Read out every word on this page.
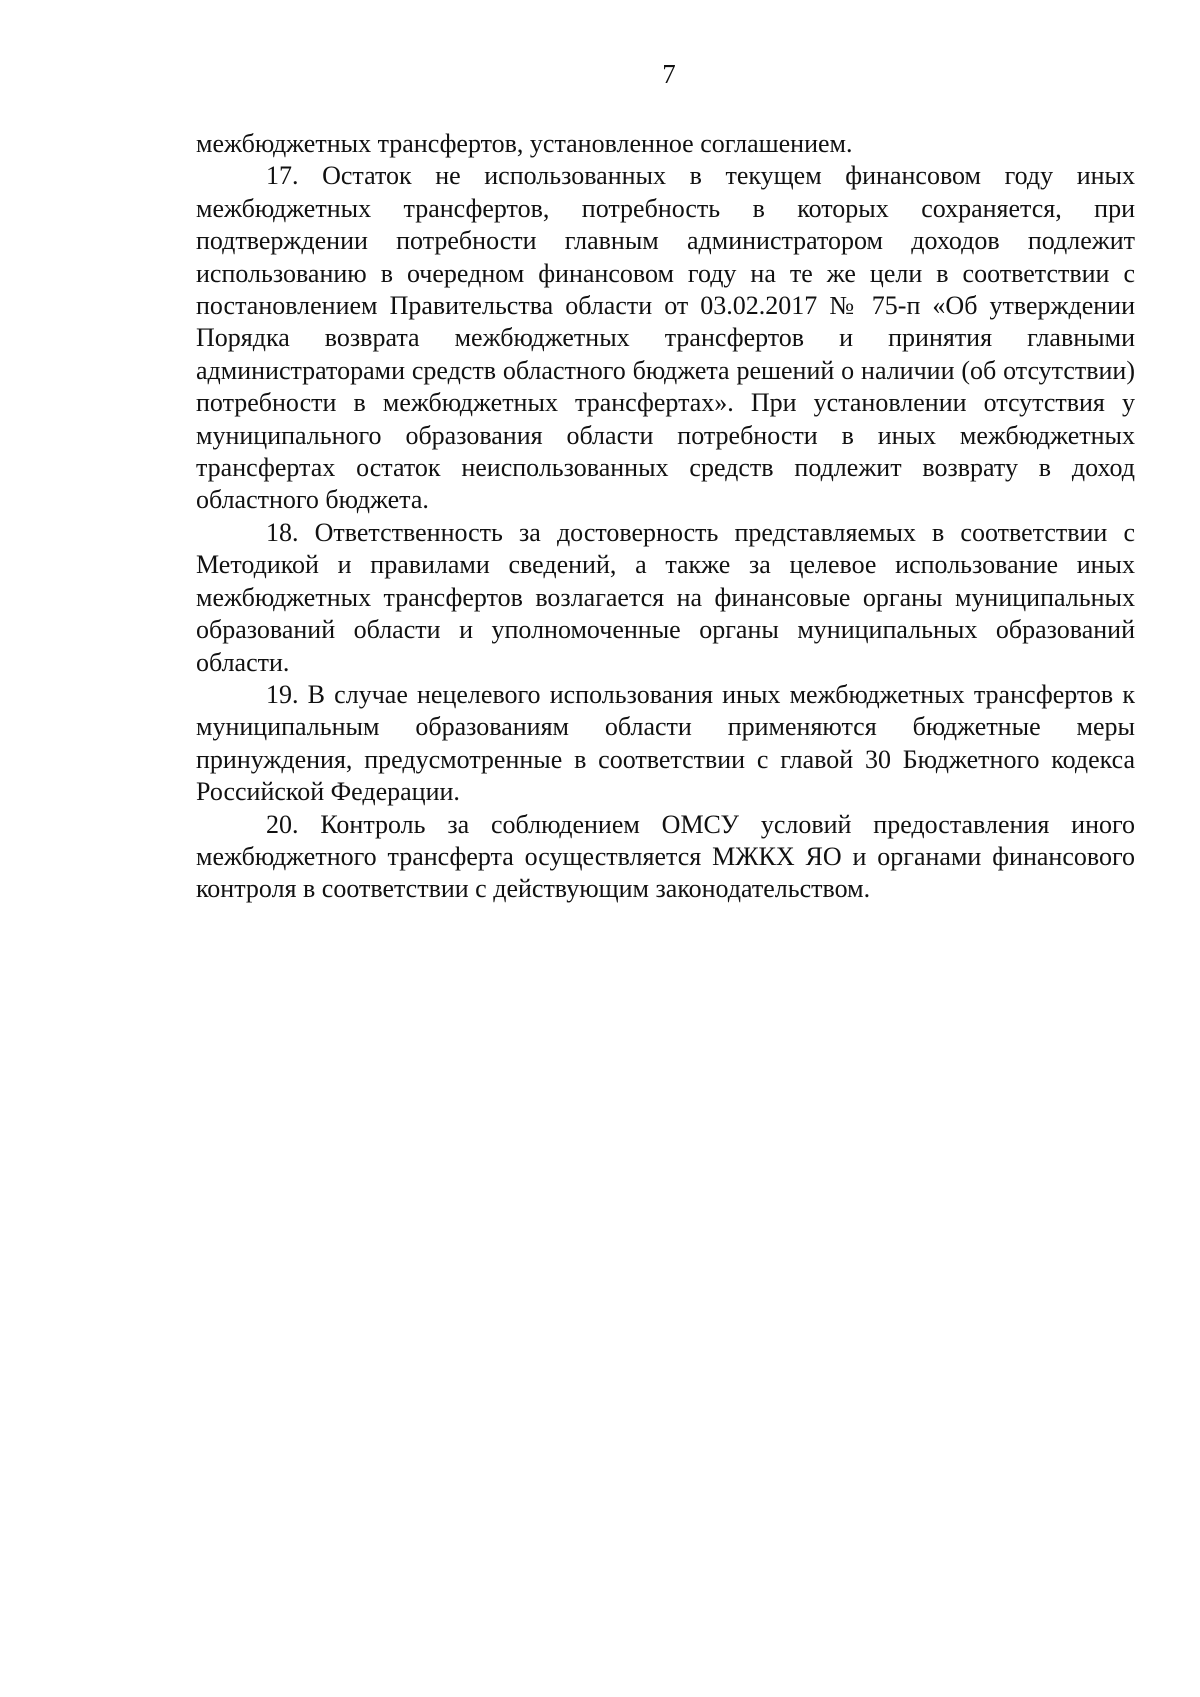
7

межбюджетных трансфертов, установленное соглашением.

17. Остаток не использованных в текущем финансовом году иных межбюджетных трансфертов, потребность в которых сохраняется, при подтверждении потребности главным администратором доходов подлежит использованию в очередном финансовом году на те же цели в соответствии с постановлением Правительства области от 03.02.2017 № 75-п «Об утверждении Порядка возврата межбюджетных трансфертов и принятия главными администраторами средств областного бюджета решений о наличии (об отсутствии) потребности в межбюджетных трансфертах». При установлении отсутствия у муниципального образования области потребности в иных межбюджетных трансфертах остаток неиспользованных средств подлежит возврату в доход областного бюджета.

18. Ответственность за достоверность представляемых в соответствии с Методикой и правилами сведений, а также за целевое использование иных межбюджетных трансфертов возлагается на финансовые органы муниципальных образований области и уполномоченные органы муниципальных образований области.

19. В случае нецелевого использования иных межбюджетных трансфертов к муниципальным образованиям области применяются бюджетные меры принуждения, предусмотренные в соответствии с главой 30 Бюджетного кодекса Российской Федерации.

20. Контроль за соблюдением ОМСУ условий предоставления иного межбюджетного трансферта осуществляется МЖКХ ЯО и органами финансового контроля в соответствии с действующим законодательством.
